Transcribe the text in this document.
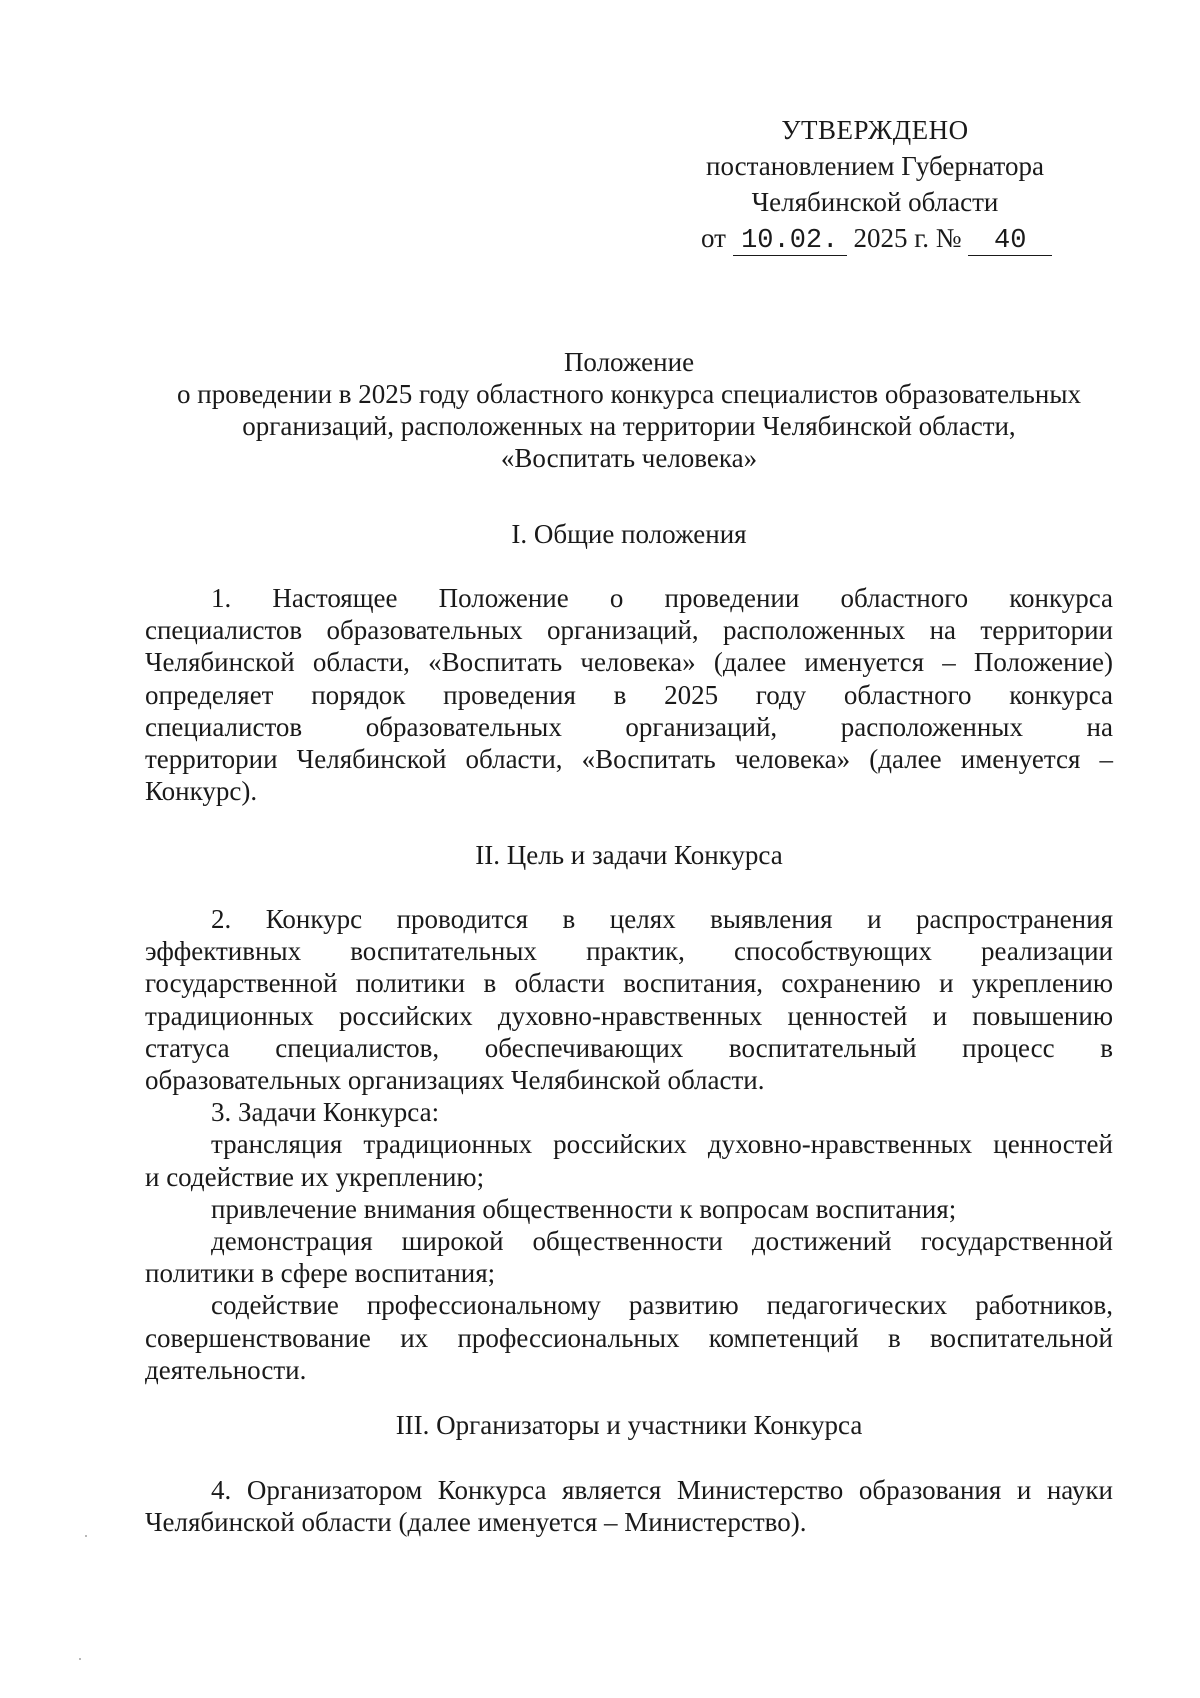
УТВЕРЖДЕНО
постановлением Губернатора
Челябинской области
от 10.02. 2025 г. № 40
Положение
о проведении в 2025 году областного конкурса специалистов образовательных
организаций, расположенных на территории Челябинской области,
«Воспитать человека»
I. Общие положения
1. Настоящее Положение о проведении областного конкурса
специалистов образовательных организаций, расположенных на территории
Челябинской области, «Воспитать человека» (далее именуется – Положение)
определяет порядок проведения в 2025 году областного конкурса
специалистов образовательных организаций, расположенных на
территории Челябинской области, «Воспитать человека» (далее именуется –
Конкурс).
II. Цель и задачи Конкурса
2. Конкурс проводится в целях выявления и распространения
эффективных воспитательных практик, способствующих реализации
государственной политики в области воспитания, сохранению и укреплению
традиционных российских духовно-нравственных ценностей и повышению
статуса специалистов, обеспечивающих воспитательный процесс в
образовательных организациях Челябинской области.
3. Задачи Конкурса:
трансляция традиционных российских духовно-нравственных ценностей
и содействие их укреплению;
привлечение внимания общественности к вопросам воспитания;
демонстрация широкой общественности достижений государственной
политики в сфере воспитания;
содействие профессиональному развитию педагогических работников,
совершенствование их профессиональных компетенций в воспитательной
деятельности.
III. Организаторы и участники Конкурса
4. Организатором Конкурса является Министерство образования и науки
Челябинской области (далее именуется – Министерство).
